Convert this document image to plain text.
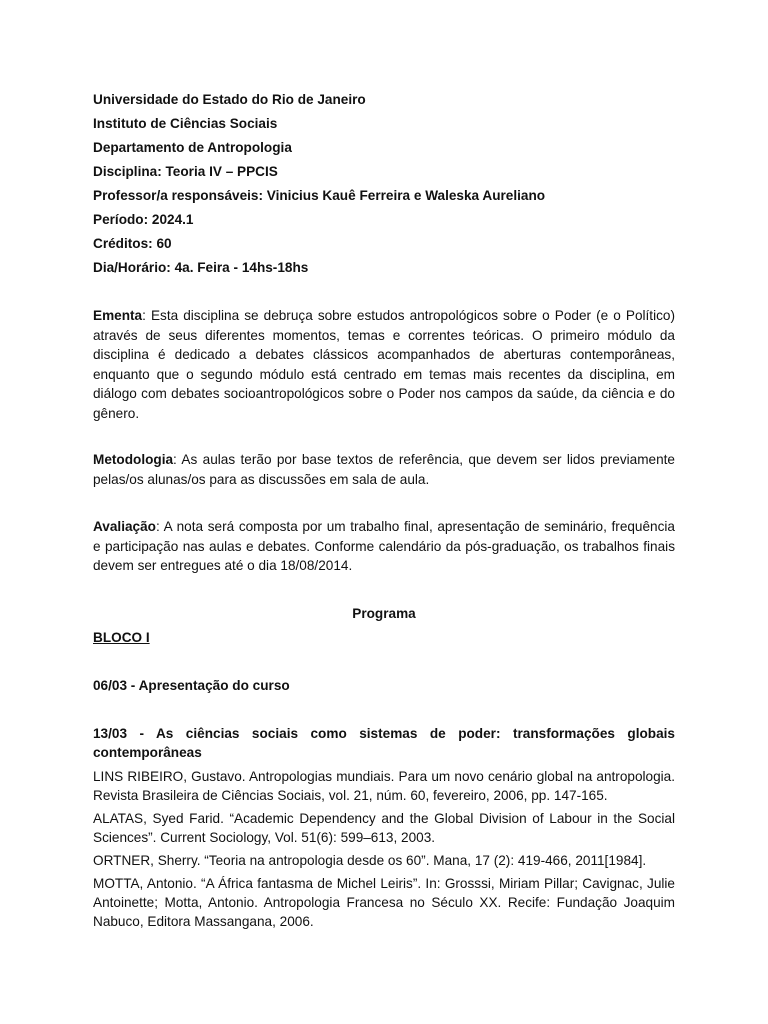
Universidade do Estado do Rio de Janeiro

Instituto de Ciências Sociais

Departamento de Antropologia

Disciplina: Teoria IV – PPCIS

Professor/a responsáveis: Vinicius Kauê Ferreira e Waleska Aureliano

Período: 2024.1

Créditos: 60

Dia/Horário: 4a. Feira - 14hs-18hs

Ementa: Esta disciplina se debruça sobre estudos antropológicos sobre o Poder (e o Político) através de seus diferentes momentos, temas e correntes teóricas. O primeiro módulo da disciplina é dedicado a debates clássicos acompanhados de aberturas contemporâneas, enquanto que o segundo módulo está centrado em temas mais recentes da disciplina, em diálogo com debates socioantropológicos sobre o Poder nos campos da saúde, da ciência e do gênero.

Metodologia: As aulas terão por base textos de referência, que devem ser lidos previamente pelas/os alunas/os para as discussões em sala de aula.

Avaliação: A nota será composta por um trabalho final, apresentação de seminário, frequência e participação nas aulas e debates. Conforme calendário da pós-graduação, os trabalhos finais devem ser entregues até o dia 18/08/2014.

Programa
BLOCO I
06/03 - Apresentação do curso
13/03 - As ciências sociais como sistemas de poder: transformações globais contemporâneas

LINS RIBEIRO, Gustavo. Antropologias mundiais. Para um novo cenário global na antropologia. Revista Brasileira de Ciências Sociais, vol. 21, núm. 60, fevereiro, 2006, pp. 147-165.

ALATAS, Syed Farid. “Academic Dependency and the Global Division of Labour in the Social Sciences”. Current Sociology, Vol. 51(6): 599–613, 2003.

ORTNER, Sherry. “Teoria na antropologia desde os 60”. Mana, 17 (2): 419-466, 2011[1984].

MOTTA, Antonio. “A África fantasma de Michel Leiris”. In: Grosssi, Miriam Pillar; Cavignac, Julie Antoinette; Motta, Antonio. Antropologia Francesa no Século XX. Recife: Fundação Joaquim Nabuco, Editora Massangana, 2006.
